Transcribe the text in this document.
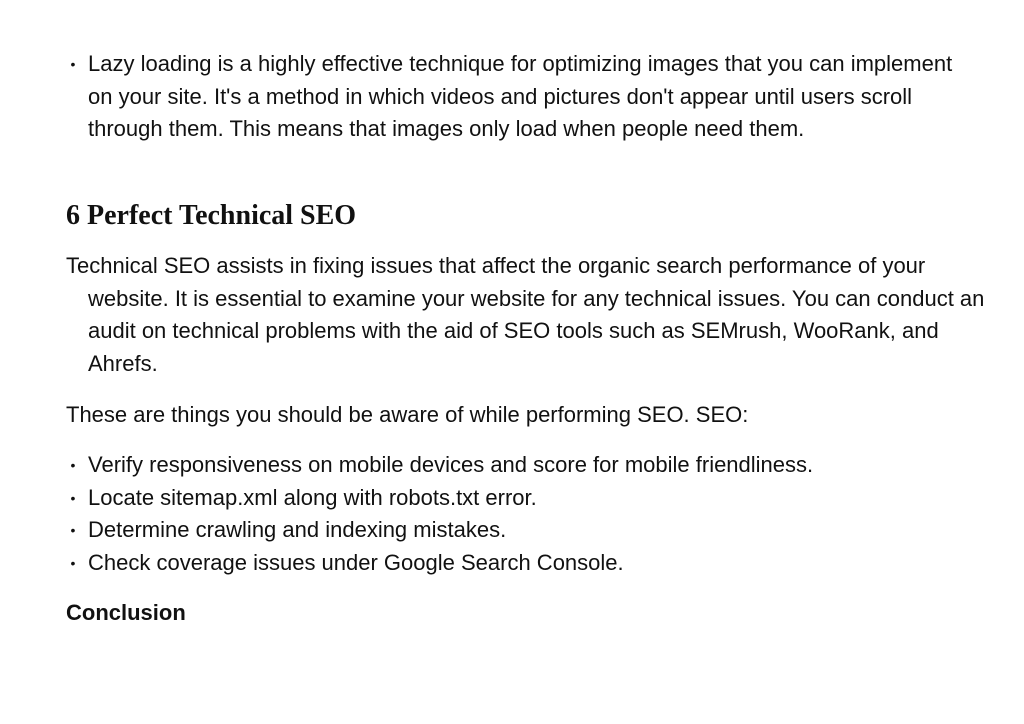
• Lazy loading is a highly effective technique for optimizing images that you can implement on your site. It's a method in which videos and pictures don't appear until users scroll through them. This means that images only load when people need them.
6 Perfect Technical SEO

Technical SEO assists in fixing issues that affect the organic search performance of your website. It is essential to examine your website for any technical issues. You can conduct an audit on technical problems with the aid of SEO tools such as SEMrush, WooRank, and Ahrefs.

These are things you should be aware of while performing SEO. SEO:

• Verify responsiveness on mobile devices and score for mobile friendliness.
• Locate sitemap.xml along with robots.txt error.
• Determine crawling and indexing mistakes.
• Check coverage issues under Google Search Console.

Conclusion
